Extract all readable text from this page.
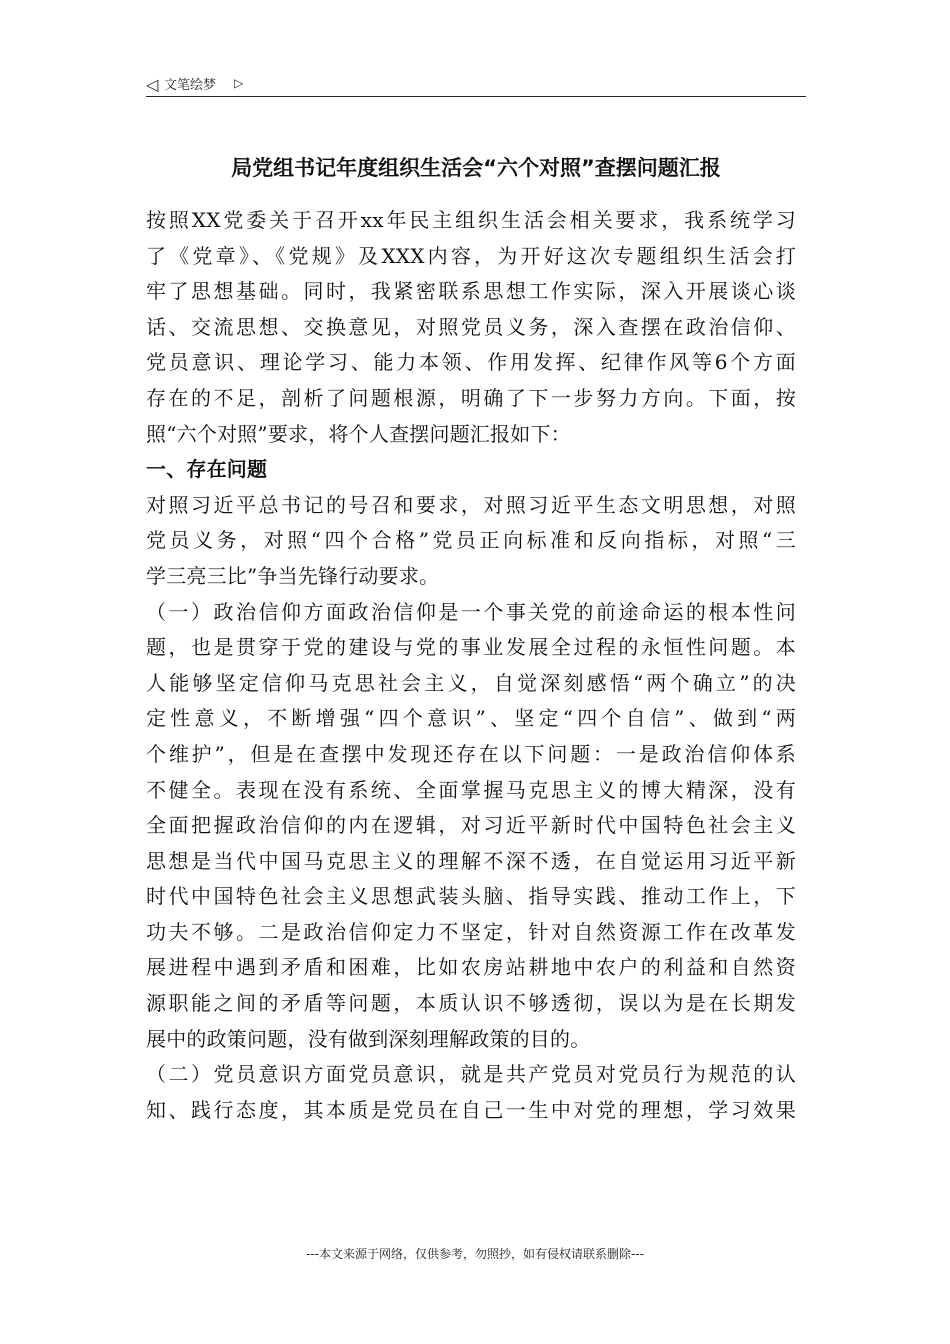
◁ 文笔绘梦 ▷
局党组书记年度组织生活会“六个对照”查摆问题汇报
按照XX党委关于召开xx年民主组织生活会相关要求，我系统学习
了《党章》、《党规》及XXX内容，为开好这次专题组织生活会打
牢了思想基础。同时，我紧密联系思想工作实际，深入开展谈心谈
话、交流思想、交换意见，对照党员义务，深入查摆在政治信仰、
党员意识、理论学习、能力本领、作用发挥、纪律作风等6个方面
存在的不足，剖析了问题根源，明确了下一步努力方向。下面，按
照“六个对照”要求，将个人查摆问题汇报如下：
一、存在问题
对照习近平总书记的号召和要求，对照习近平生态文明思想，对照
党员义务，对照“四个合格”党员正向标准和反向指标，对照“三
学三亮三比”争当先锋行动要求。
（一）政治信仰方面政治信仰是一个事关党的前途命运的根本性问
题，也是贯穿于党的建设与党的事业发展全过程的永恒性问题。本
人能够坚定信仰马克思社会主义，自觉深刻感悟“两个确立”的决
定性意义，不断增强“四个意识”、坚定“四个自信”、做到“两
个维护”，但是在查摆中发现还存在以下问题：一是政治信仰体系
不健全。表现在没有系统、全面掌握马克思主义的博大精深，没有
全面把握政治信仰的内在逻辑，对习近平新时代中国特色社会主义
思想是当代中国马克思主义的理解不深不透，在自觉运用习近平新
时代中国特色社会主义思想武装头脑、指导实践、推动工作上，下
功夫不够。二是政治信仰定力不坚定，针对自然资源工作在改革发
展进程中遇到矛盾和困难，比如农房站耕地中农户的利益和自然资
源职能之间的矛盾等问题，本质认识不够透彻，误以为是在长期发
展中的政策问题，没有做到深刻理解政策的目的。
（二）党员意识方面党员意识，就是共产党员对党员行为规范的认
知、践行态度，其本质是党员在自己一生中对党的理想，学习效果
---本文来源于网络，仅供参考，勿照抄，如有侵权请联系删除---
